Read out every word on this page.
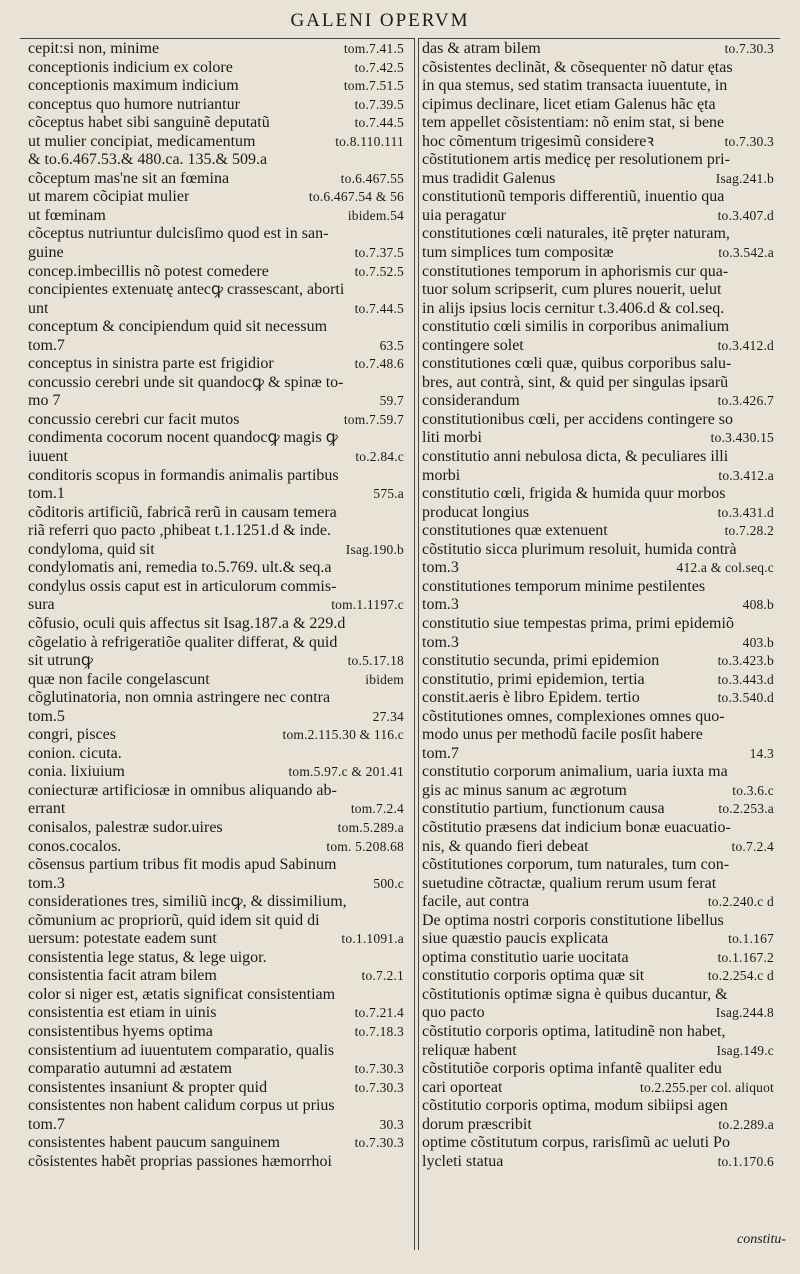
GALENI OPERVM
cepit:si non, minime	tom.7.41.5
conceptionis indicium ex colore	to.7.42.5
conceptionis maximum indicium	tom.7.51.5
conceptus quo humore nutriantur	to.7.39.5
cõceptus habet sibi sanguinẽ deputatũ	to.7.44.5
ut mulier concipiat, medicamentum	to.8.110.111
& to.6.467.53.& 480.ca. 135.& 509.a
cõceptum mas'ne sit an fœmina	to.6.467.55
ut marem cõcipiat mulier	to.6.467.54 & 56
ut fœminam	ibidem.54
cõceptus nutriuntur dulcisſimo quod est in san-
guine	to.7.37.5
concep.imbecillis nõ potest comedere	to.7.52.5
concipientes extenuatę antecꝙ crassescant, aborti
unt	to.7.44.5
conceptum & concipiendum quid sit necessum
tom.7	63.5
conceptus in sinistra parte est frigidior	to.7.48.6
concussio cerebri unde sit quandocꝙ & spinæ to-
mo 7	59.7
concussio cerebri cur facit mutos	tom.7.59.7
condimenta cocorum nocent quandocꝙ magis ꝙ
iuuent	to.2.84.c
conditoris scopus in formandis animalis partibus
tom.1	575.a
cõditoris artificiũ, fabricã rerũ in causam temera
riã referri quo pacto ,phibeat t.1.1251.d & inde.
condyloma, quid sit	Isag.190.b
condylomatis ani, remedia to.5.769. ult.& seq.a
condylus ossis caput est in articulorum commis-
sura	tom.1.1197.c
cõfusio, oculi quis affectus sit Isag.187.a & 229.d
cõgelatio à refrigeratiõe qualiter differat, & quid
sit utrunꝙ	to.5.17.18
quæ non facile congelascunt	ibidem
cõglutinatoria, non omnia astringere nec contra
tom.5	27.34
congri, pisces	tom.2.115.30 & 116.c
conion. cicuta.
conia. lixiuium	tom.5.97.c & 201.41
coniecturæ artificiosæ in omnibus aliquando ab-
errant	tom.7.2.4
conisalos, palestræ sudor.uires	tom.5.289.a
conos.cocalos.	tom. 5.208.68
cõsensus partium tribus fit modis apud Sabinum
tom.3	500.c
considerationes tres, similiũ incꝙ, & dissimilium,
cõmunium ac propriorũ, quid idem sit quid di
uersum: potestate eadem sunt	to.1.1091.a
consistentia lege status, & lege uigor.
consistentia facit atram bilem	to.7.2.1
color si niger est, ætatis significat consistentiam
consistentia est etiam in uinis	to.7.21.4
consistentibus hyems optima	to.7.18.3
consistentium ad iuuentutem comparatio, qualis
comparatio autumni ad æstatem	to.7.30.3
consistentes insaniunt & propter quid	to.7.30.3
consistentes non habent calidum corpus ut prius
tom.7	30.3
consistentes habent paucum sanguinem	to.7.30.3
cõsistentes habẽt proprias passiones hæmorrhoi
das & atram bilem	to.7.30.3
cõsistentes declinãt, & cõsequenter nõ datur ętas
in qua stemus, sed statim transacta iuuentute, in
cipimus declinare, licet etiam Galenus hãc ęta
tem appellet cõsistentiam: nõ enim stat, si bene
hoc cõmentum trigesimũ considereꝛ	to.7.30.3
cõstitutionem artis medicę per resolutionem pri-
mus tradidit Galenus	Isag.241.b
constitutionũ temporis differentiũ, inuentio qua
uia peragatur	to.3.407.d
constitutiones cœli naturales, itẽ prȩter naturam,
tum simplices tum compositæ	to.3.542.a
constitutiones temporum in aphorismis cur qua-
tuor solum scripserit, cum plures nouerit, uelut
in alijs ipsius locis cernitur t.3.406.d & col.seq.
constitutio cœli similis in corporibus animalium
contingere solet	to.3.412.d
constitutiones cœli quæ, quibus corporibus salu-
bres, aut contrà, sint, & quid per singulas ipsarũ
considerandum	to.3.426.7
constitutionibus cœli, per accidens contingere so
liti morbi	to.3.430.15
constitutio anni nebulosa dicta, & peculiares illi
morbi	to.3.412.a
constitutio cœli, frigida & humida quur morbos
producat longius	to.3.431.d
constitutiones quæ extenuent	to.7.28.2
cõstitutio sicca plurimum resoluit, humida contrà
tom.3	412.a & col.seq.c
constitutiones temporum minime pestilentes
tom.3	408.b
constitutio siue tempestas prima, primi epidemiõ
tom.3	403.b
constitutio secunda, primi epidemion	to.3.423.b
constitutio, primi epidemion, tertia	to.3.443.d
constit.aeris è libro Epidem. tertio	to.3.540.d
cõstitutiones omnes, complexiones omnes quo-
modo unus per methodũ facile posſit habere
tom.7	14.3
constitutio corporum animalium, uaria iuxta ma
gis ac minus sanum ac ægrotum	to.3.6.c
constitutio partium, functionum causa	to.2.253.a
cõstitutio præsens dat indicium bonæ euacuatio-
nis, & quando fieri debeat	to.7.2.4
cõstitutiones corporum, tum naturales, tum con-
suetudine cõtractæ, qualium rerum usum ferat
facile, aut contra	to.2.240.c d
De optima nostri corporis constitutione libellus
siue quæstio paucis explicata	to.1.167
optima constitutio uarie uocitata	to.1.167.2
constitutio corporis optima quæ sit	to.2.254.c d
cõstitutionis optimæ signa è quibus ducantur, &
quo pacto	Isag.244.8
cõstitutio corporis optima, latitudinẽ non habet,
reliquæ habent	Isag.149.c
cõstitutiõe corporis optima infantẽ qualiter edu
cari oporteat	to.2.255.per col. aliquot
cõstitutio corporis optima, modum sibiipsi agen
dorum præscribit	to.2.289.a
optime cõstitutum corpus, rarisſimũ ac ueluti Po
lycleti statua	to.1.170.6
constitu-
